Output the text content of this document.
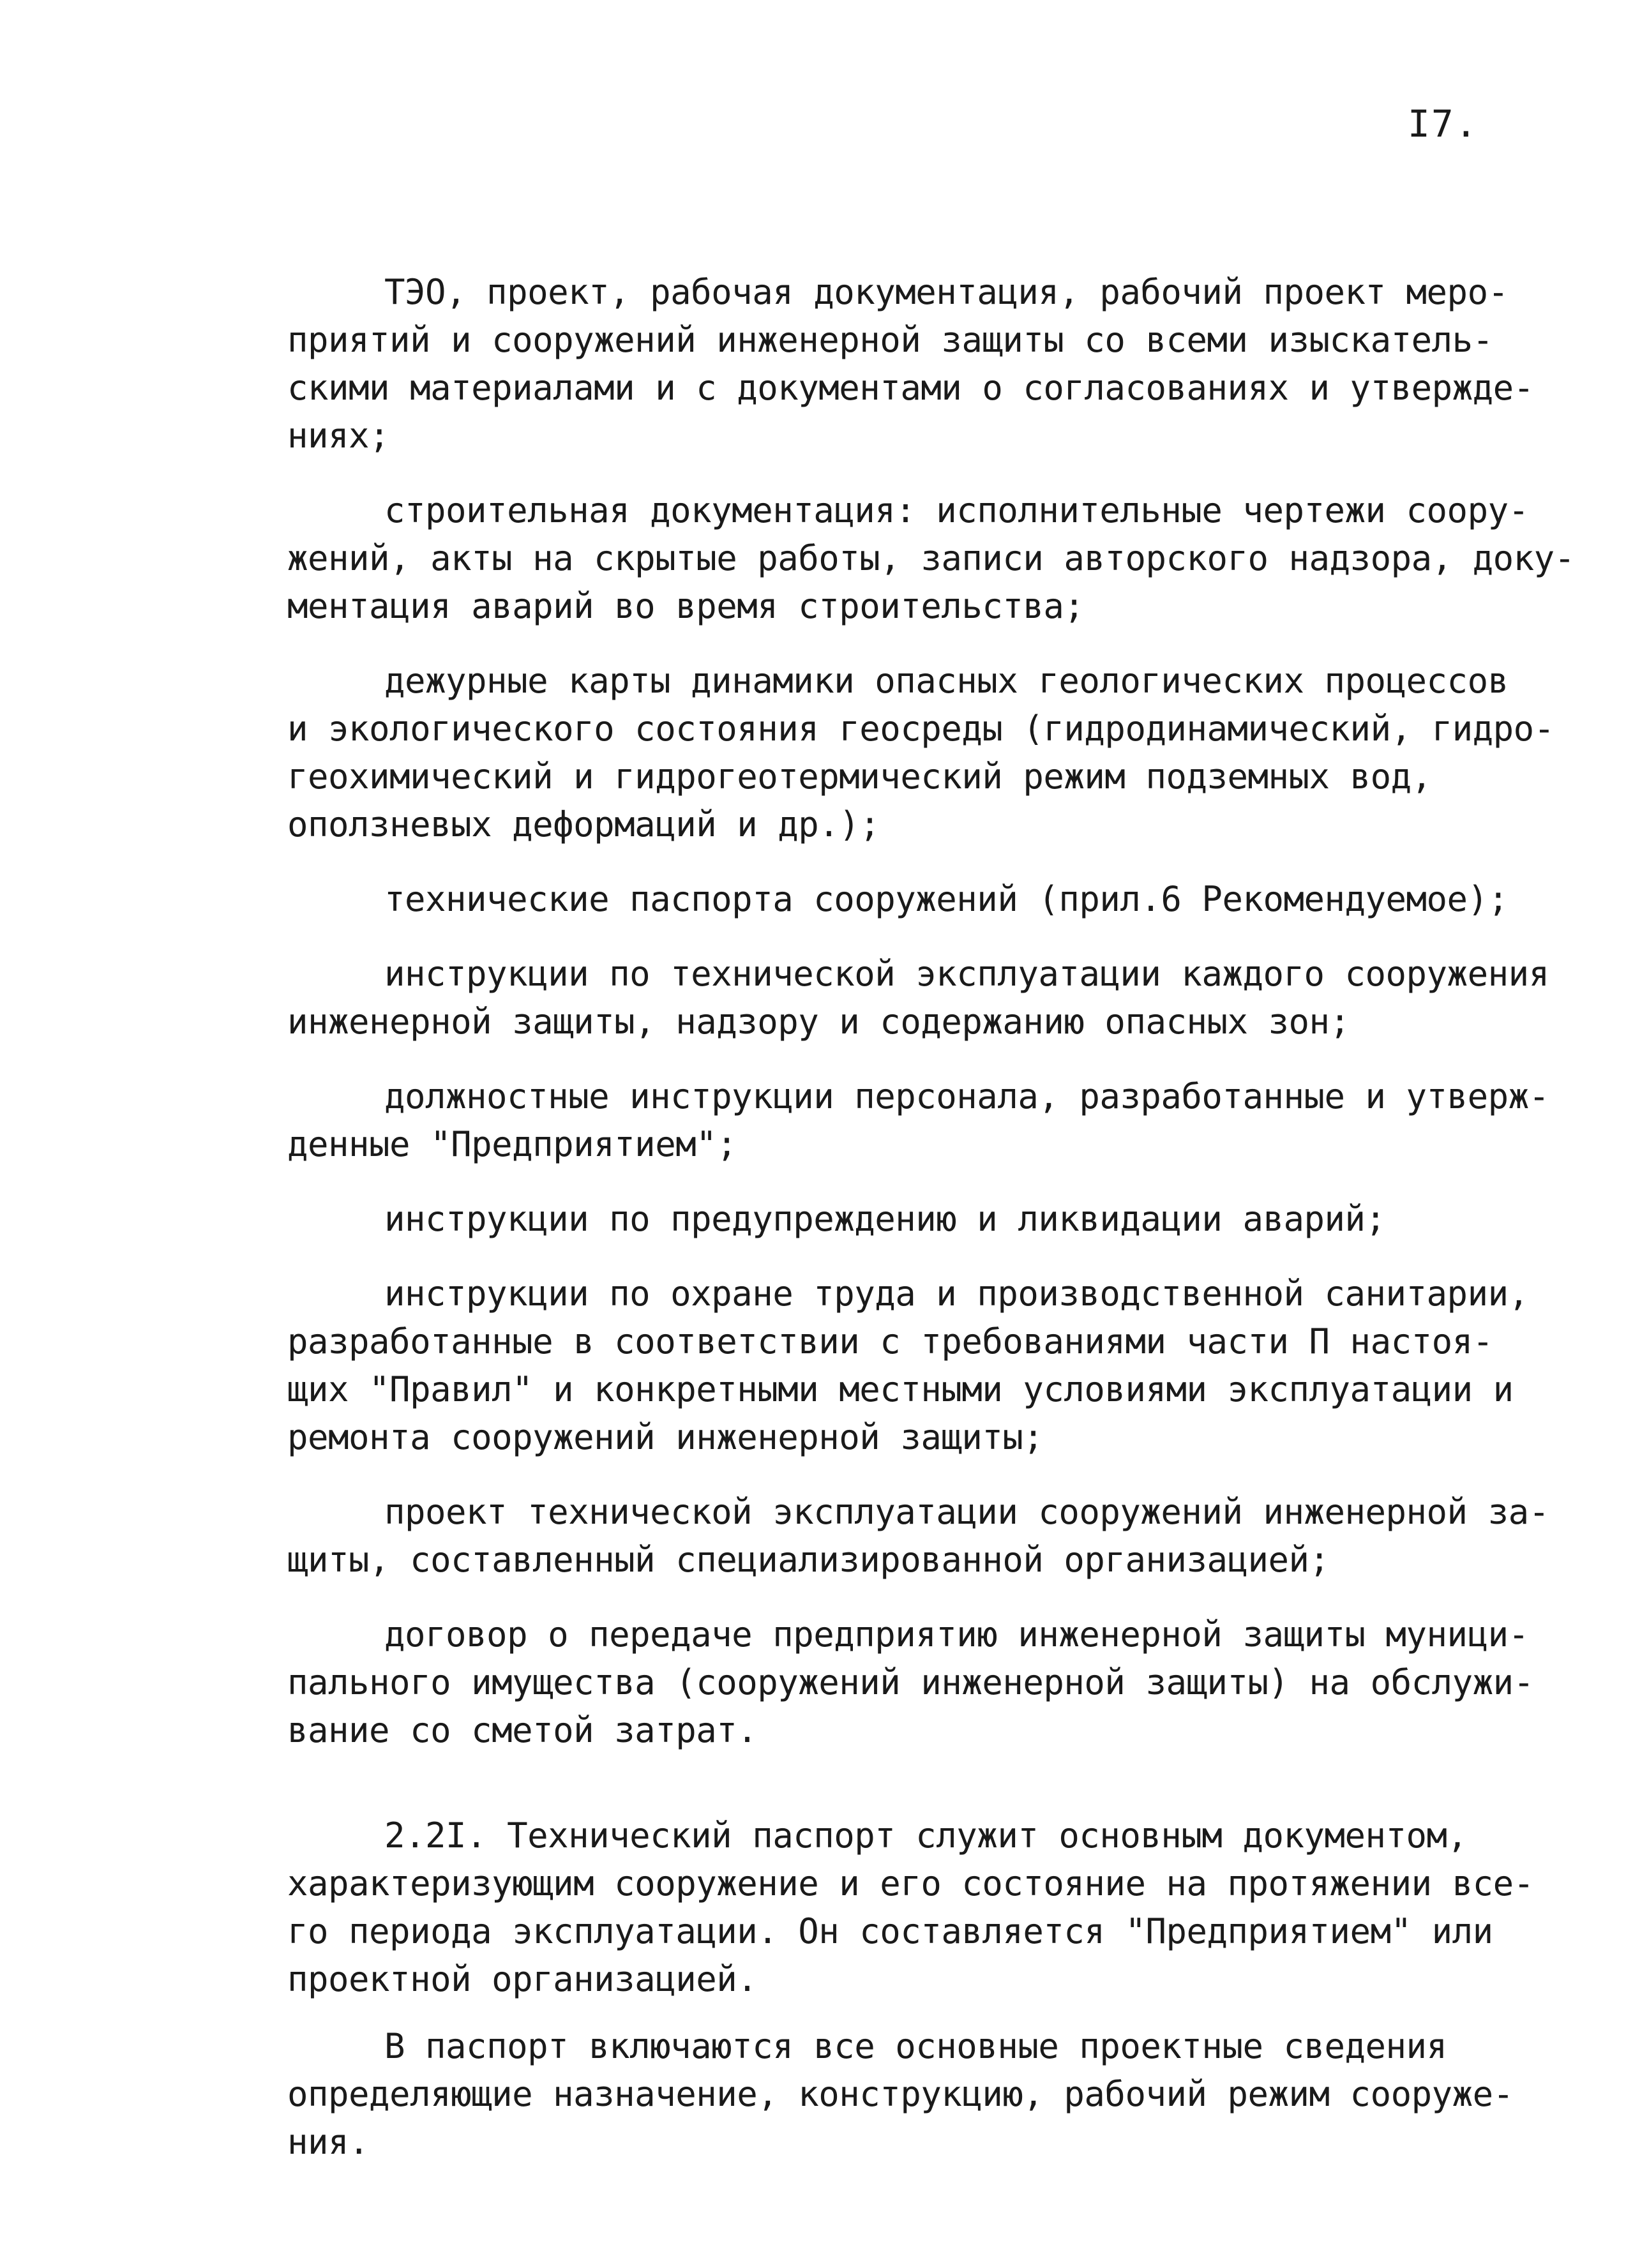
I7.
ТЭО, проект, рабочая документация, рабочий проект меро-
приятий и сооружений инженерной защиты со всеми изыскатель-
скими материалами и с документами о согласованиях и утвержде-
ниях;
строительная документация: исполнительные чертежи соору-
жений, акты на скрытые работы, записи авторского надзора, доку-
ментация аварий во время строительства;
дежурные карты динамики опасных геологических процессов
и экологического состояния геосреды (гидродинамический, гидро-
геохимический и гидрогеотермический режим подземных вод,
оползневых деформаций и др.);
технические паспорта сооружений (прил.6 Рекомендуемое);
инструкции по технической эксплуатации каждого сооружения
инженерной защиты, надзору и содержанию опасных зон;
должностные инструкции персонала, разработанные и утверж-
денные "Предприятием";
инструкции по предупреждению и ликвидации аварий;
инструкции по охране труда и производственной санитарии,
разработанные в соответствии с требованиями части П настоя-
щих "Правил" и конкретными местными условиями эксплуатации и
ремонта сооружений инженерной защиты;
проект технической эксплуатации сооружений инженерной за-
щиты, составленный специализированной организацией;
договор о передаче предприятию инженерной защиты муници-
пального имущества (сооружений инженерной защиты) на обслужи-
вание со сметой затрат.
2.2I. Технический паспорт служит основным документом,
характеризующим сооружение и его состояние на протяжении все-
го периода эксплуатации. Он составляется "Предприятием" или
проектной организацией.
В паспорт включаются все основные проектные сведения
определяющие назначение, конструкцию, рабочий режим сооруже-
ния.
